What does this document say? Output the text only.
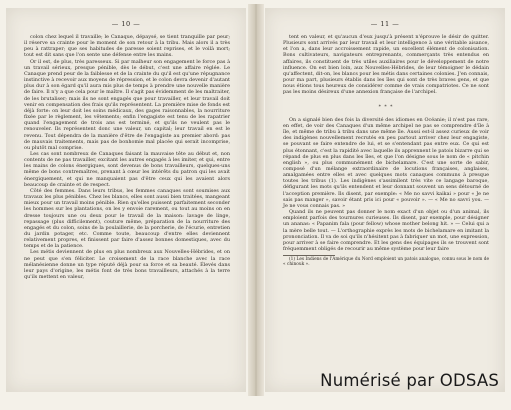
— 10 —

colon chez lequel il travaille; le Canaque, dépaysé, se tient tranquille par peur; il réserve sa crainte pour le moment de son retour à la tribu. Mais alors il a très peu à rattraper; que ses habitudes de paresse soient reprises, et le voilà mort; tout est dit sans que l'on sente une défense entre les mains.

Or il est, de plus, très paresseux. Si par malheur son engagement le force pas à un travail sérieux, presque pénible, dès le début, c'est une affaire réglée. Le Canaque prend peur de la faiblesse et de la crainte du qu'il est qu'une répugnance instinctive à recevoir aux moyens de répression, et le colon devra devenir d'autant plus dur à son égard qu'il aura mis plus de temps à prendre une nouvelle manière de faire. Il n'y a que cela pour le maître. Il s'agit pas évidemment de les maltraiter, de les brutaliser; mais ils ne sont engagés que pour travailler, et leur travail doit venir en compensation des frais qu'ils représentent. La première mise de fonds est déjà forte: on leur doit les soins médicaux, des gages raisonnables, la nourriture fixée par le règlement, les vêtements; enfin l'engagiste est tenu de les rapatrier quand l'engagement de trois ans est terminé, et qu'ils ne veulent pas le renouveler. Ils représentent donc une valeur, un capital; leur travail en est le revenu. Tout dépendra de la manière d'être de l'engagiste au premier abord: pas de mauvais traitements, mais pas de bonhomie mal placée qui serait incomprise, ou plutôt mal comprise.

Les cas sont nombreux de Canaques faisant la mauvaise tête au début et, non contents de ne pas travailler, excitant les autres engagés à les imiter, et qui, entre les mains de colons énergiques, sont devenus de bons travailleurs, quelques-uns même de bons contremaîtres, prenant à cœur les intérêts du patron qui les avait énergiquement, et qui ne manquaient pas d'être ceux qui les avaient alors beaucoup de crainte et de respect.

Côté des femmes. Dans leurs tribus, les femmes canaques sont soumises aux travaux les plus pénibles. Chez les blancs, elles sont aussi bien traitées, mangeant mieux pour un travail moins pénible. Rien qu'elles puissent parfaitement seconder les hommes sur les plantations, on les y envoie rarement, ou tout au moins on en dresse toujours une ou deux pour le travail de la maison: lavage de linge, repassage (plus difficilement), couture même, préparation de la nourriture des engagés et du colon, soins de la poulaillerie, de la porcherie, de l'écurie, entretien du jardin potager, etc. Comme toute, beaucoup d'entre elles deviennent relativement propres, et finissent par faire d'assez bonnes domestiques, avec du temps et de la patience.

Les métis deviennent de plus en plus nombreux aux Nouvelles-Hébrides, et on ne peut que s'en féliciter. Le croisement de la race blanche avec la race mélanésienne donne un type réputé déjà pour sa force et sa beauté. Élevés dans leur pays d'origine, les métis font de très bons travailleurs, attachés à la terre qu'ils mettent en valeur,

— 11 —

tent en valeur, et qu'aucun d'eux jusqu'à présent n'éprouve le désir de quitter. Plusieurs sont arrivés par leur travail et leur intelligence à une véritable aisance, et l'on a, dans leur accroissement rapide, un excellent élément de colonisation. Bons cultivateurs, navigateurs entreprenants, commerçants très entendus en affaires, ils constituent de très utiles auxiliaires pour le développement de notre influence. On est bien loin, aux Nouvelles-Hébrides, de leur témoigner le dédain qu'affectent, dit-on, les blancs pour les métis dans certaines colonies. J'en connais, pour ma part, plusieurs établis dans les îles qui sont de très braves gens, et que nous étions tous heureux de considérer comme de vrais compatriotes. Ce ne sont pas les moins désireux d'une annexion française de l'archipel.

* * *

On a signalé bien des fois la diversité des idiomes en Océanie; il n'est pas rare, en effet, de voir des Canaques d'un même archipel ne pas se comprendre d'île à île, et même de tribu à tribu dans une même île. Aussi est-il assez curieux de voir des indigènes nouvellement recrutés en peu partout arriver chez leur engagiste, se pouvant se faire entendre de lui, et se s'entendant pas entre eux. Ce qui est plus étonnant, c'est la rapidité avec laquelle ils apprennent le patois bizarre qui se répand de plus en plus dans les îles, et que l'on désigne sous le nom de « pitchin english », ou plus communément de bichelamare. C'est une sorte de sabir, composé d'un mélange extraordinaire de locutions françaises, anglaises, amalgamées entre elles et avec quelques mots canaques communs à presque toutes les tribus (1). Les indigènes s'assimilent très vite ce langage baroque, défigurant les mots qu'ils entendent et leur donnant souvent un sens détourné de l'acception première. Ils disent, par exemple: « Me no savvi kaikai » pour « Je ne sais pas manger », savoir étant pris ici pour « pouvoir ». — « Me no savvi you. — Je ne vous connais pas. »

Quand ils ne peuvent pas donner le nom exact d'un objet ou d'un animal, ils emploient parfois des tournures curieuses. Ils disent, par exemple, pour désigner un ananas: « Papanim fala (pour fellow) whose mother belong hit. » — Celui qui a la mère belle tout. — L'orthographie exprès les mots de bichelamare en imitant la prononciation. Il va de soi qu'ils n'hésitent pas à fabriquer un mot, une expression, pour arriver à se faire comprendre. Et les gens des équipages ils se trouvent sont fréquemment obligés de recourir au même système pour leur faire

(1) Les Indiens de l'Amérique du Nord emploient un patois analogue, connu sous le nom de « chinouk ».
Numérisé par ODSAS
